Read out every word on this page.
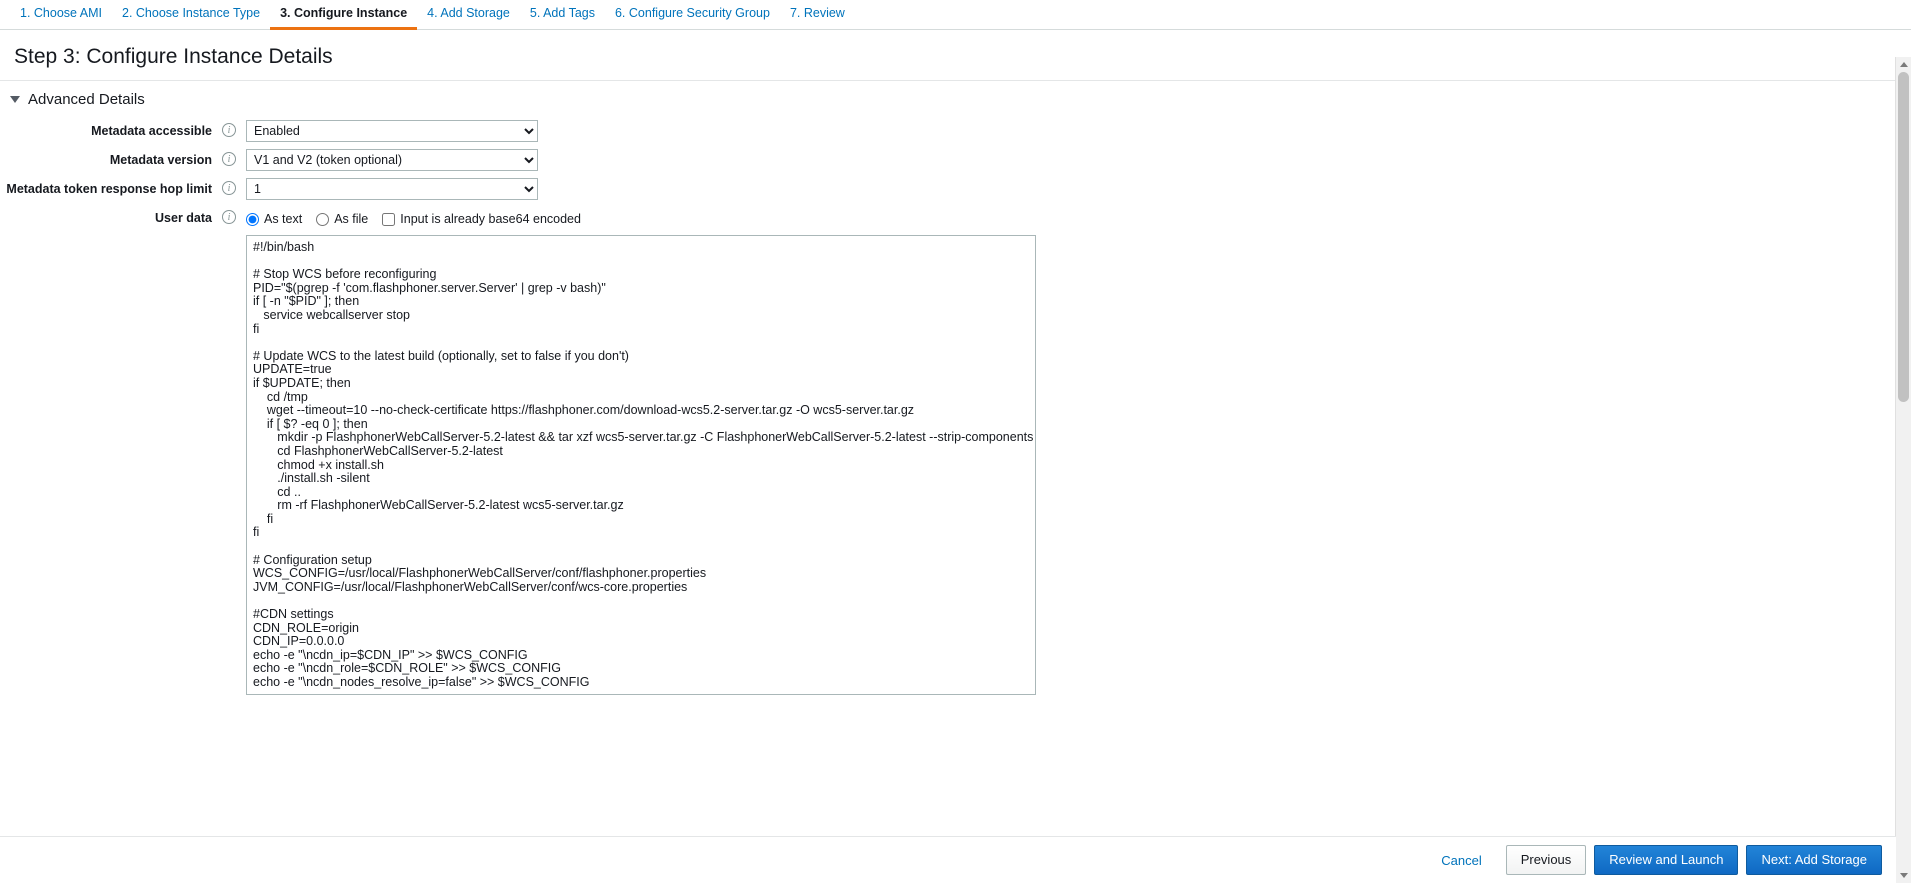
1. Choose AMI	2. Choose Instance Type	3. Configure Instance	4. Add Storage	5. Add Tags	6. Configure Security Group	7. Review
Step 3: Configure Instance Details
Advanced Details
Metadata accessible	i
Enabled
Metadata version	i
V1 and V2 (token optional)
Metadata token response hop limit	i
1
User data	i	As text	As file	Input is already base64 encoded
#!/bin/bash # Stop WCS before reconfiguring PID="$(pgrep -f 'com.flashphoner.server.Server' | grep -v bash)" if [ -n "$PID" ]; then service webcallserver stop fi # Update WCS to the latest build (optionally, set to false if you don't) UPDATE=true if $UPDATE; then cd /tmp wget --timeout=10 --no-check-certificate https://flashphoner.com/download-wcs5.2-server.tar.gz -O wcs5-server.tar.gz if [ $? -eq 0 ]; then mkdir -p FlashphonerWebCallServer-5.2-latest && tar xzf wcs5-server.tar.gz -C FlashphonerWebCallServer-5.2-latest --strip-components 1 cd FlashphonerWebCallServer-5.2-latest chmod +x install.sh ./install.sh -silent cd .. rm -rf FlashphonerWebCallServer-5.2-latest wcs5-server.tar.gz fi fi # Configuration setup WCS_CONFIG=/usr/local/FlashphonerWebCallServer/conf/flashphoner.properties JVM_CONFIG=/usr/local/FlashphonerWebCallServer/conf/wcs-core.properties #CDN settings CDN_ROLE=origin CDN_IP=0.0.0.0 echo -e "\ncdn_ip=$CDN_IP" >> $WCS_CONFIG echo -e "\ncdn_role=$CDN_ROLE" >> $WCS_CONFIG echo -e "\ncdn_nodes_resolve_ip=false" >> $WCS_CONFIG # Request keyframes from WebRTC publishers every 5 seconds
Cancel	Previous	Review and Launch	Next: Add Storage
